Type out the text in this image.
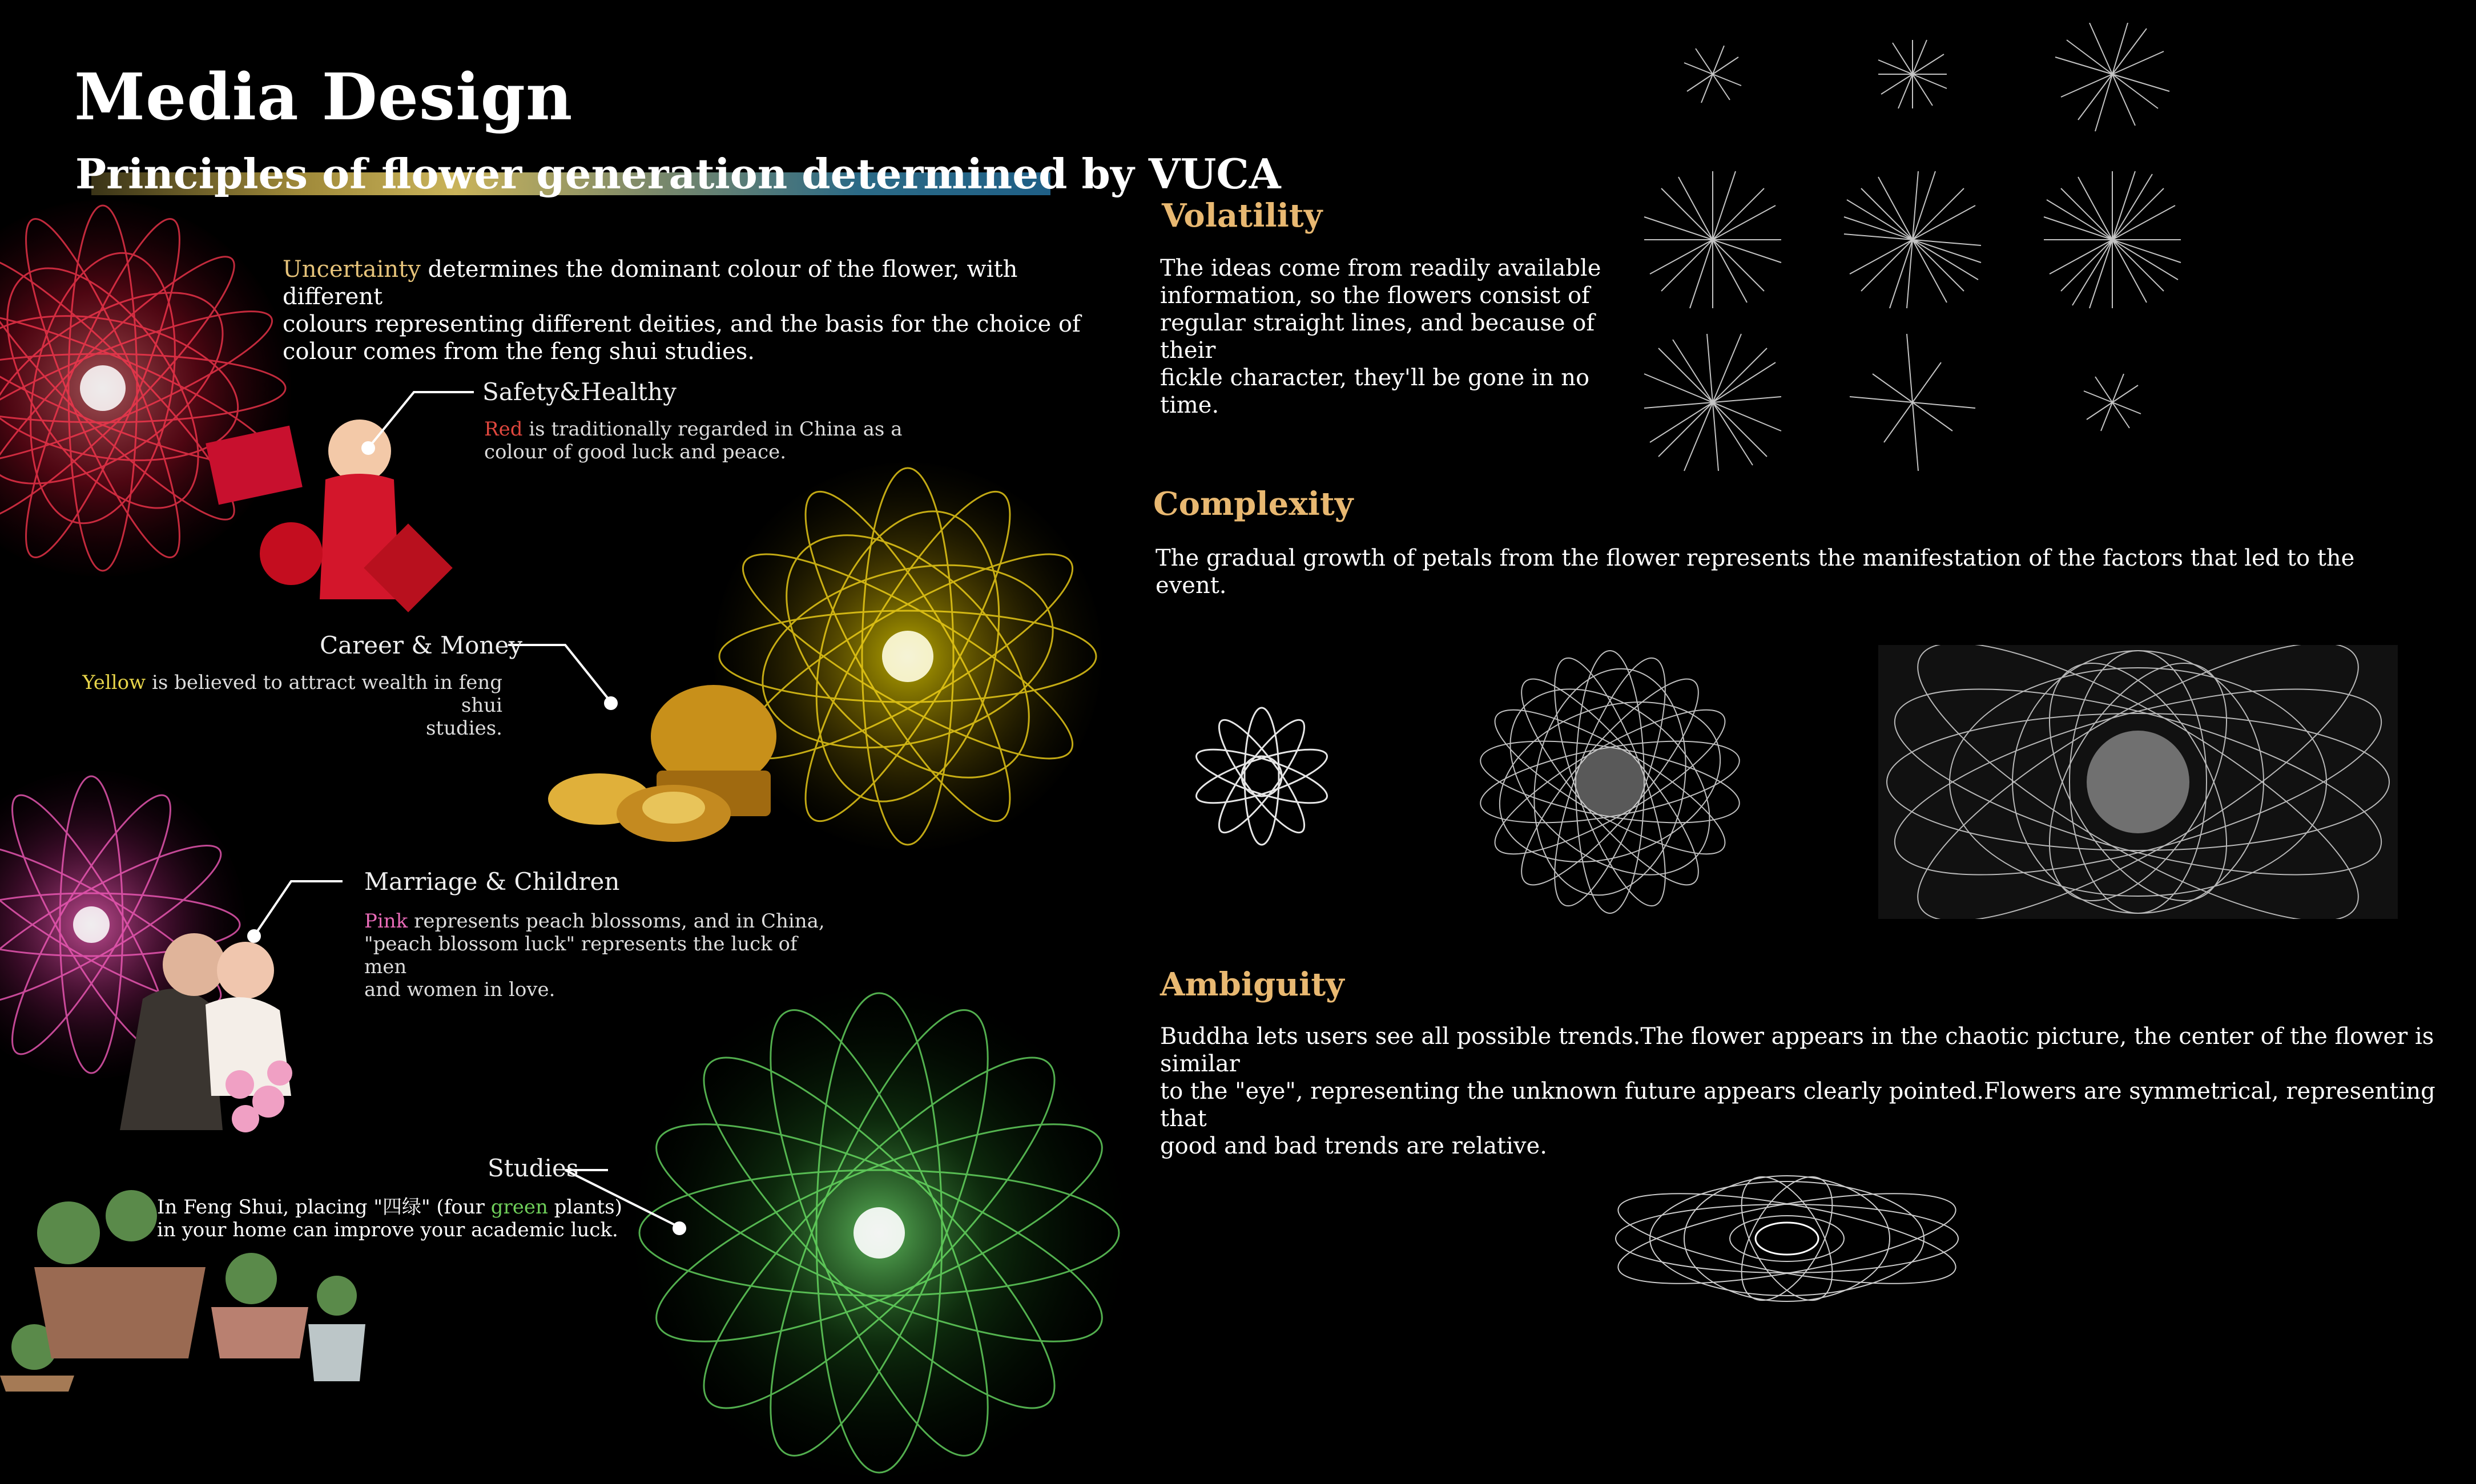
Media Design
Principles of flower generation determined by VUCA
Uncertainty determines the dominant colour of the flower, with different
colours representing different deities, and the basis for the choice of
colour comes from the feng shui studies.
Safety&Healthy
Red is traditionally regarded in China as a
colour of good luck and peace.
Career & Money
Yellow is believed to attract wealth in feng shui
studies.
Marriage & Children
Pink represents peach blossoms, and in China,
"peach blossom luck" represents the luck of men
and women in love.
Studies
In Feng Shui, placing "四绿" (four green plants)
in your home can improve your academic luck.
Volatility
The ideas come from readily available
information, so the flowers consist of
regular straight lines, and because of their
fickle character, they'll be gone in no time.
Complexity
The gradual growth of petals from the flower represents the manifestation of the factors that led to the event.
Ambiguity
Buddha lets users see all possible trends.The flower appears in the chaotic picture, the center of the flower is similar
to the "eye", representing the unknown future appears clearly pointed.Flowers are symmetrical, representing that
good and bad trends are relative.
